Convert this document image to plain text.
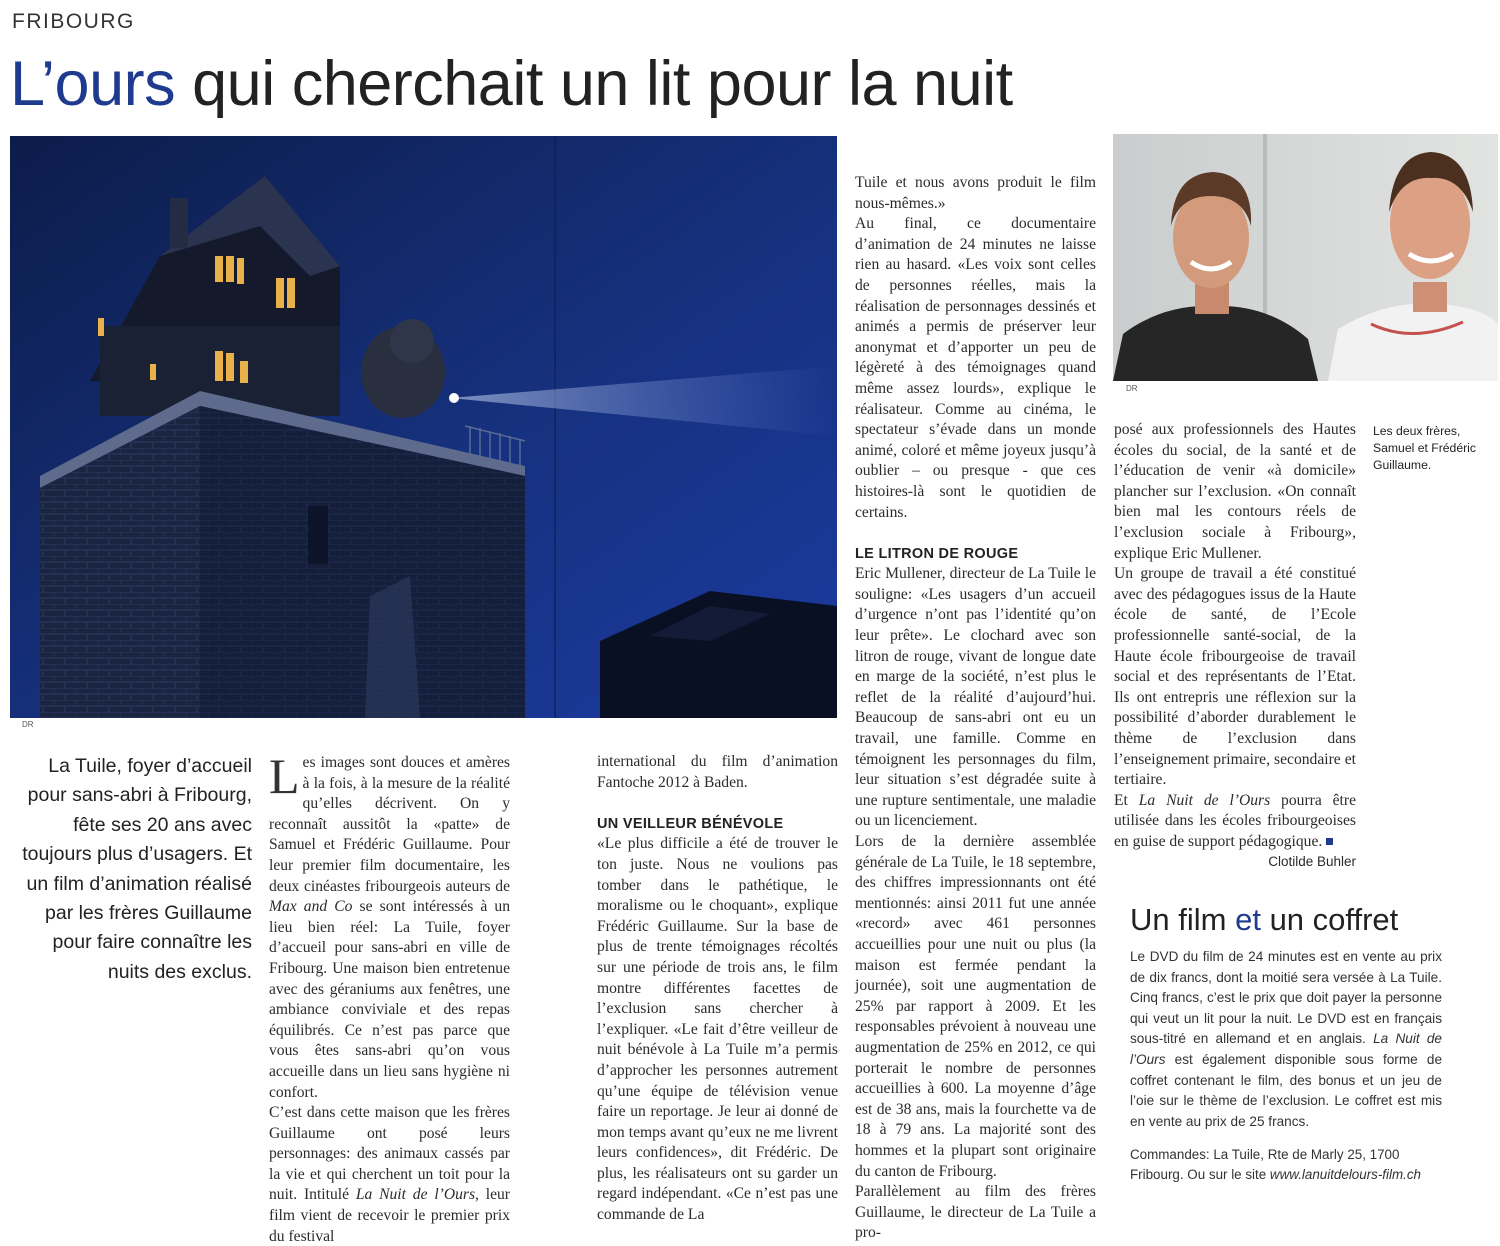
FRIBOURG
L’ours qui cherchait un lit pour la nuit
DR
DR
Les deux frères, Samuel et Frédéric Guillaume.

La Tuile, foyer d’accueil pour sans-abri à Fribourg, fête ses 20 ans avec toujours plus d’usagers. Et un film d’animation réalisé par les frères Guillaume pour faire connaître les nuits des exclus.

Les images sont douces et amères à la fois, à la mesure de la réalité qu’elles décrivent. On y reconnaît aussitôt la «patte» de Samuel et Frédéric Guillaume. Pour leur premier film documentaire, les deux cinéastes fribourgeois auteurs de Max and Co se sont intéressés à un lieu bien réel: La Tuile, foyer d’accueil pour sans-abri en ville de Fribourg. Une maison bien entretenue avec des géraniums aux fenêtres, une ambiance conviviale et des repas équilibrés. Ce n’est pas parce que vous êtes sans-abri qu’on vous accueille dans un lieu sans hygiène ni confort.

C’est dans cette maison que les frères Guillaume ont posé leurs personnages: des animaux cassés par la vie et qui cherchent un toit pour la nuit. Intitulé La Nuit de l’Ours, leur film vient de recevoir le premier prix du festival

international du film d’animation Fantoche 2012 à Baden.

UN VEILLEUR BÉNÉVOLE

«Le plus difficile a été de trouver le ton juste. Nous ne voulions pas tomber dans le pathétique, le moralisme ou le choquant», explique Frédéric Guillaume. Sur la base de plus de trente témoignages récoltés sur une période de trois ans, le film montre différentes facettes de l’exclusion sans chercher à l’expliquer. «Le fait d’être veilleur de nuit bénévole à La Tuile m’a permis d’approcher les personnes autrement qu’une équipe de télévision venue faire un reportage. Je leur ai donné de mon temps avant qu’eux ne me livrent leurs confidences», dit Frédéric. De plus, les réalisateurs ont su garder un regard indépendant. «Ce n’est pas une commande de La

Tuile et nous avons produit le film nous-mêmes.»

Au final, ce documentaire d’animation de 24 minutes ne laisse rien au hasard. «Les voix sont celles de personnes réelles, mais la réalisation de personnages dessinés et animés a permis de préserver leur anonymat et d’apporter un peu de légèreté à des témoignages quand même assez lourds», explique le réalisateur. Comme au cinéma, le spectateur s’évade dans un monde animé, coloré et même joyeux jusqu’à oublier – ou presque - que ces histoires-là sont le quotidien de certains.

LE LITRON DE ROUGE

Eric Mullener, directeur de La Tuile le souligne: «Les usagers d’un accueil d’urgence n’ont pas l’identité qu’on leur prête». Le clochard avec son litron de rouge, vivant de longue date en marge de la société, n’est plus le reflet de la réalité d’aujourd’hui. Beaucoup de sans-abri ont eu un travail, une famille. Comme en témoignent les personnages du film, leur situation s’est dégradée suite à une rupture sentimentale, une maladie ou un licenciement.

Lors de la dernière assemblée générale de La Tuile, le 18 septembre, des chiffres impressionnants ont été mentionnés: ainsi 2011 fut une année «record» avec 461 personnes accueillies pour une nuit ou plus (la maison est fermée pendant la journée), soit une augmentation de 25% par rapport à 2009. Et les responsables prévoient à nouveau une augmentation de 25% en 2012, ce qui porterait le nombre de personnes accueillies à 600. La moyenne d’âge est de 38 ans, mais la fourchette va de 18 à 79 ans. La majorité sont des hommes et la plupart sont originaire du canton de Fribourg.

Parallèlement au film des frères Guillaume, le directeur de La Tuile a pro-

posé aux professionnels des Hautes écoles du social, de la santé et de l’éducation de venir «à domicile» plancher sur l’exclusion. «On connaît bien mal les contours réels de l’exclusion sociale à Fribourg», explique Eric Mullener.

Un groupe de travail a été constitué avec des pédagogues issus de la Haute école de santé, de l’Ecole professionnelle santé-social, de la Haute école fribourgeoise de travail social et des représentants de l’Etat. Ils ont entrepris une réflexion sur la possibilité d’aborder durablement le thème de l’exclusion dans l’enseignement primaire, secondaire et tertiaire.

Et La Nuit de l’Ours pourra être utilisée dans les écoles fribourgeoises en guise de support pédagogique.

Clotilde Buhler

Un film et un coffret

Le DVD du film de 24 minutes est en vente au prix de dix francs, dont la moitié sera versée à La Tuile. Cinq francs, c’est le prix que doit payer la personne qui veut un lit pour la nuit. Le DVD est en français sous-titré en allemand et en anglais. La Nuit de l’Ours est également disponible sous forme de coffret contenant le film, des bonus et un jeu de l’oie sur le thème de l’exclusion. Le coffret est mis en vente au prix de 25 francs.

Commandes: La Tuile, Rte de Marly 25, 1700 Fribourg. Ou sur le site www.lanuitdelours-film.ch
